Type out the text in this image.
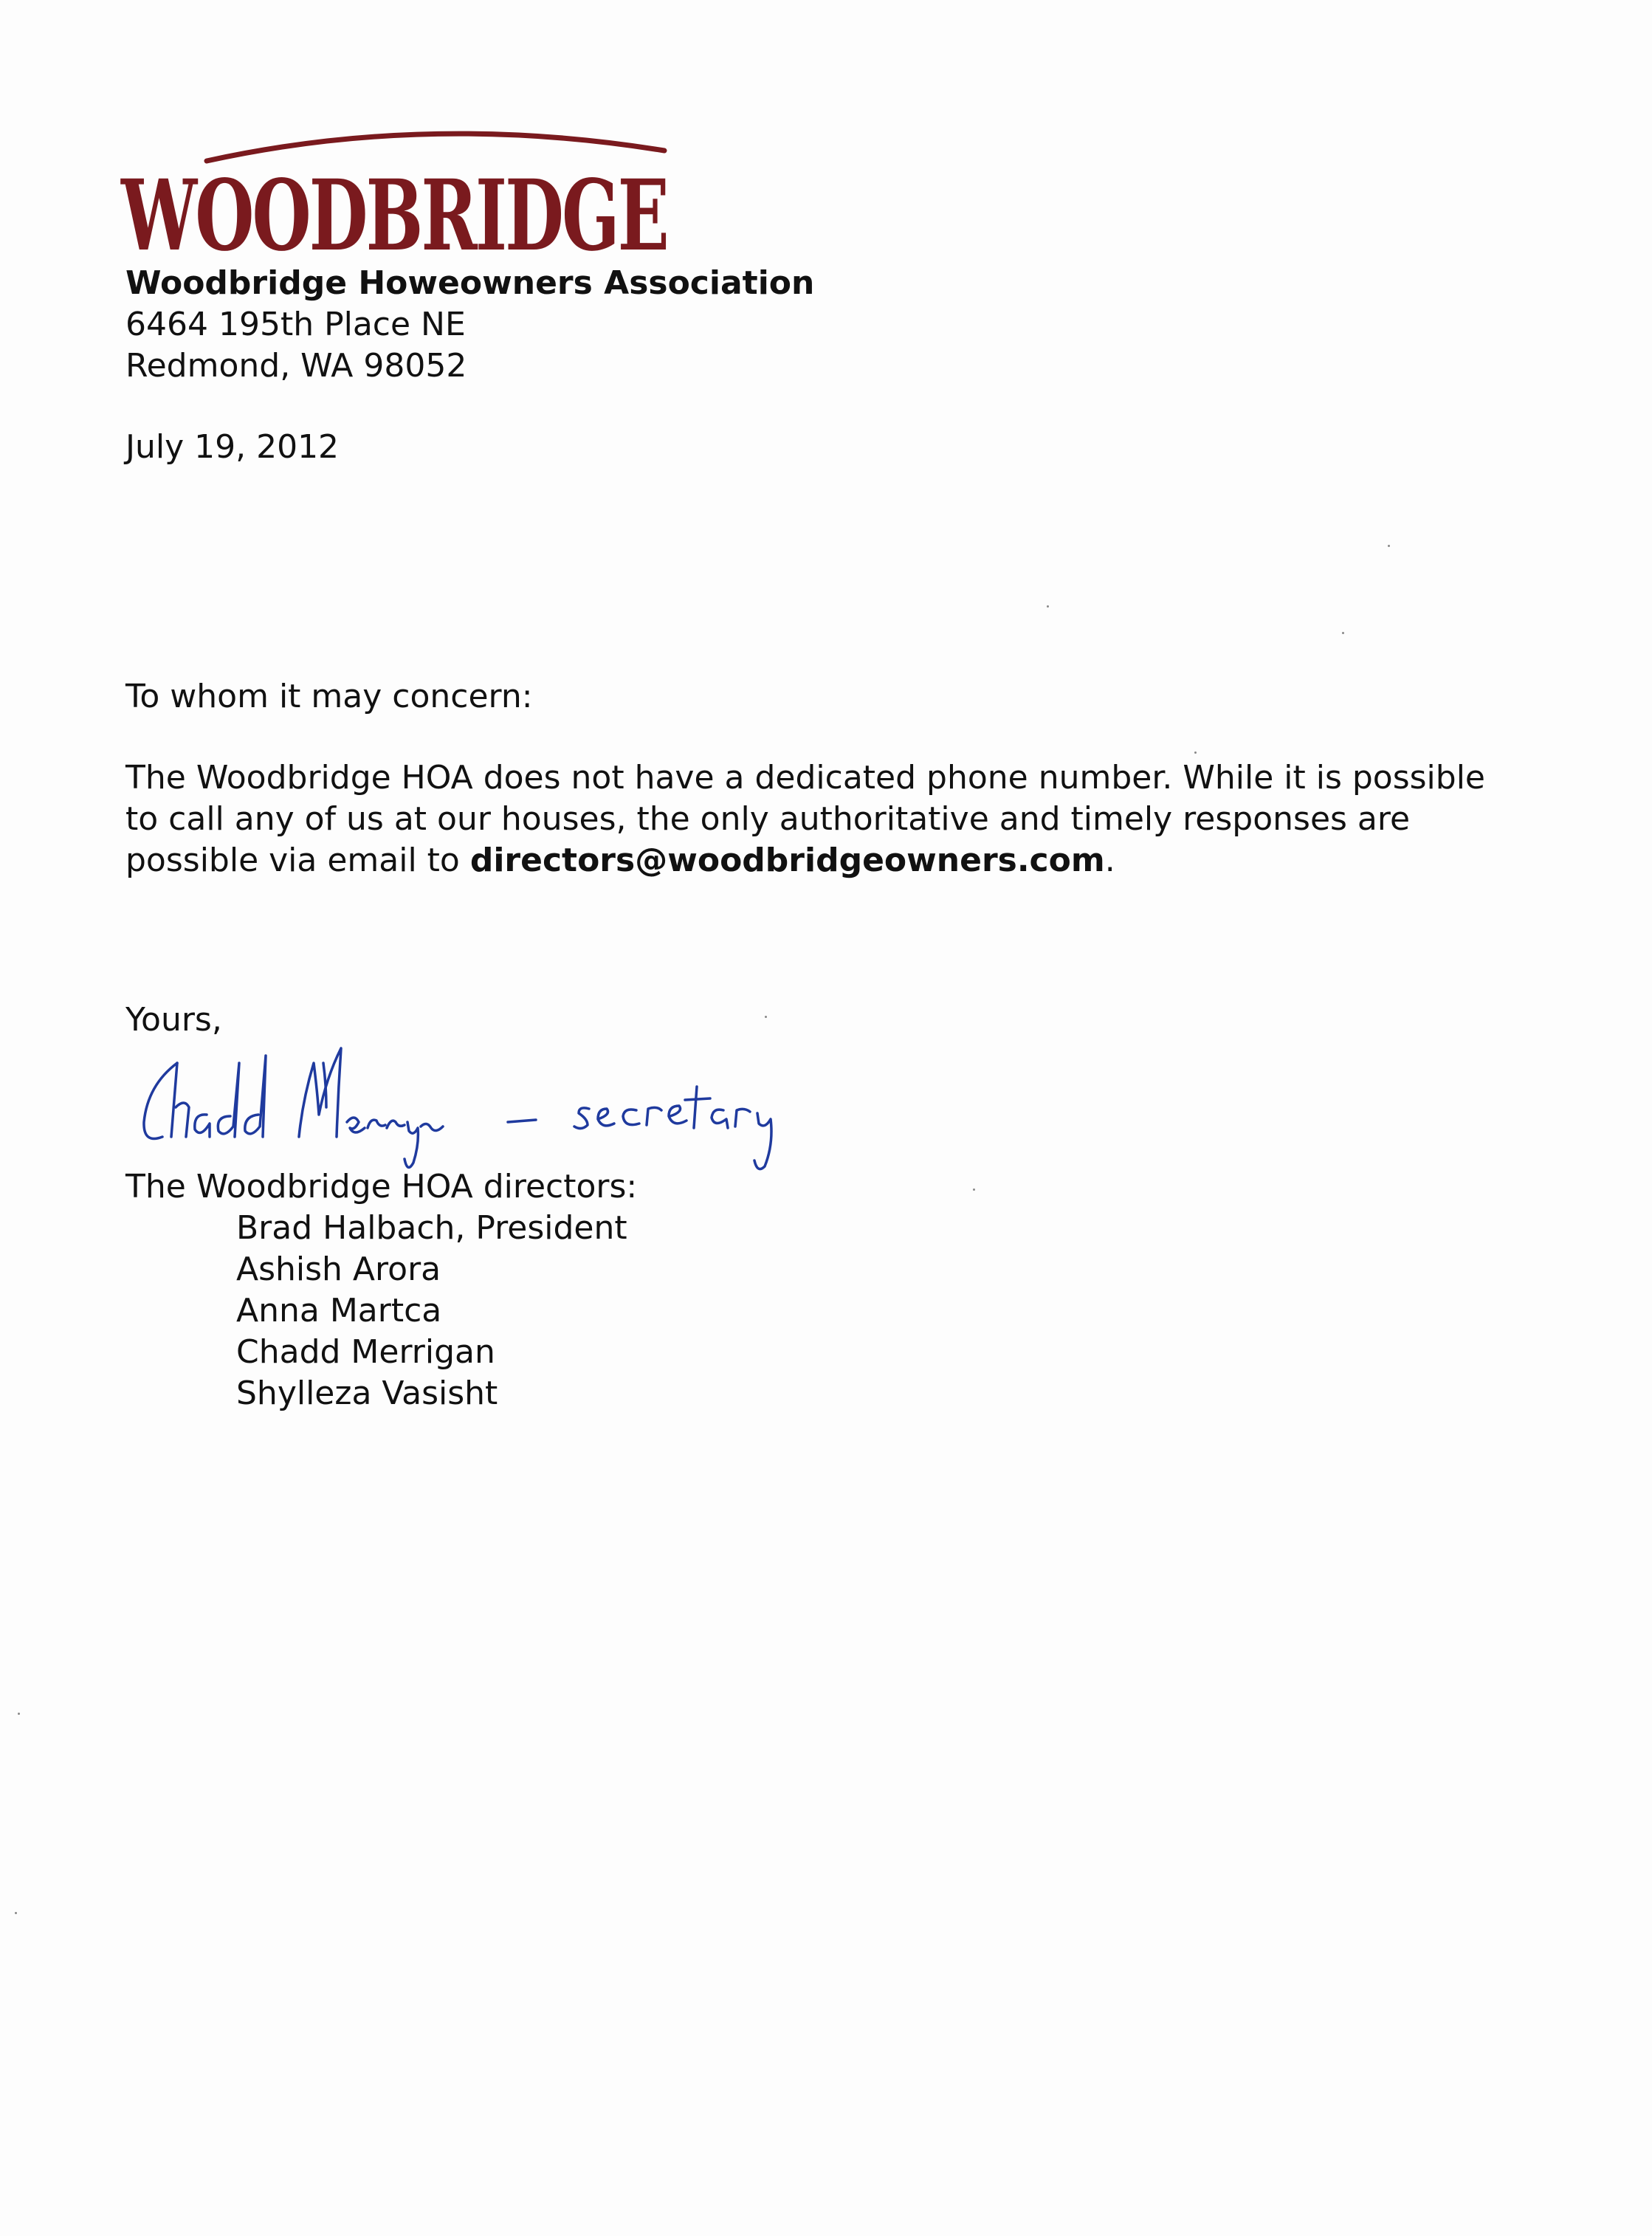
WOODBRIDGE
Woodbridge Howeowners Association
6464 195th Place NE
Redmond, WA 98052
July 19, 2012
To whom it may concern:
The Woodbridge HOA does not have a dedicated phone number. While it is possible
to call any of us at our houses, the only authoritative and timely responses are
possible via email to directors@woodbridgeowners.com.
Yours,
The Woodbridge HOA directors:
Brad Halbach, President
Ashish Arora
Anna Martca
Chadd Merrigan
Shylleza Vasisht
